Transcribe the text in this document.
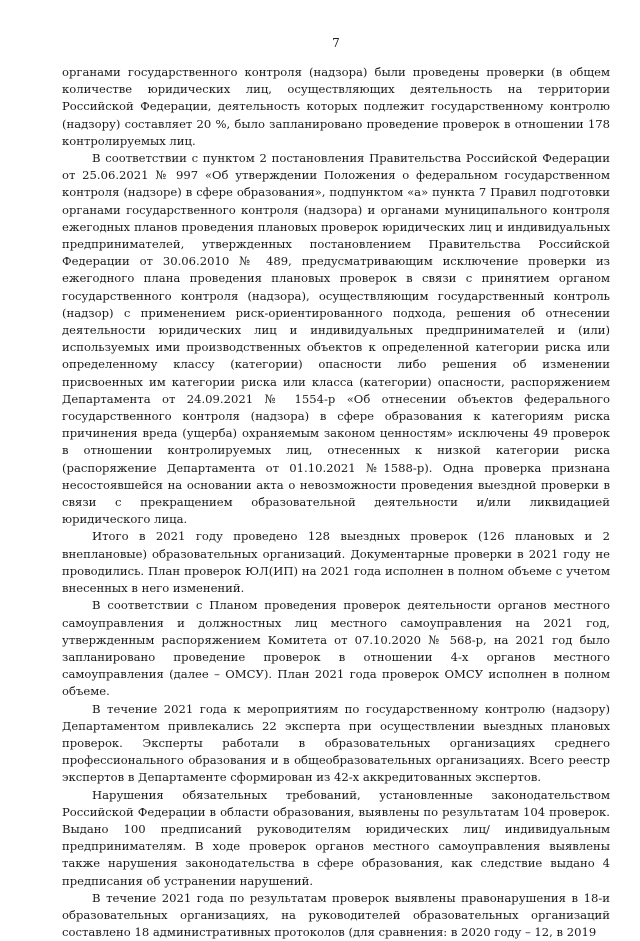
7

органами государственного контроля (надзора) были проведены проверки (в общем количестве юридических лиц, осуществляющих деятельность на территории Российской Федерации, деятельность которых подлежит государственному контролю (надзору) составляет 20 %, было запланировано проведение проверок в отношении 178 контролируемых лиц.

В соответствии с пунктом 2 постановления Правительства Российской Федерации от 25.06.2021 № 997 «Об утверждении Положения о федеральном государственном контроля (надзоре) в сфере образования», подпунктом «а» пункта 7 Правил подготовки органами государственного контроля (надзора) и органами муниципального контроля ежегодных планов проведения плановых проверок юридических лиц и индивидуальных предпринимателей, утвержденных постановлением Правительства Российской Федерации от 30.06.2010 № 489, предусматривающим исключение проверки из ежегодного плана проведения плановых проверок в связи с принятием органом государственного контроля (надзора), осуществляющим государственный контроль (надзор) с применением риск-ориентированного подхода, решения об отнесении деятельности юридических лиц и индивидуальных предпринимателей и (или) используемых ими производственных объектов к определенной категории риска или определенному классу (категории) опасности либо решения об изменении присвоенных им категории риска или класса (категории) опасности, распоряжением Департамента от 24.09.2021 № 1554-р «Об отнесении объектов федерального государственного контроля (надзора) в сфере образования к категориям риска причинения вреда (ущерба) охраняемым законом ценностям» исключены 49 проверок в отношении контролируемых лиц, отнесенных к низкой категории риска (распоряжение Департамента от 01.10.2021 №1588-р). Одна проверка признана несостоявшейся на основании акта о невозможности проведения выездной проверки в связи с прекращением образовательной деятельности и/или ликвидацией юридического лица.

Итого в 2021 году проведено 128 выездных проверок (126 плановых и 2 внеплановые) образовательных организаций. Документарные проверки в 2021 году не проводились. План проверок ЮЛ(ИП) на 2021 года исполнен в полном объеме с учетом внесенных в него изменений.

В соответствии с Планом проведения проверок деятельности органов местного самоуправления и должностных лиц местного самоуправления на 2021 год, утвержденным распоряжением Комитета от 07.10.2020 № 568-р, на 2021 год было запланировано проведение проверок в отношении 4-х органов местного самоуправления (далее – ОМСУ). План 2021 года проверок ОМСУ исполнен в полном объеме.

В течение 2021 года к мероприятиям по государственному контролю (надзору) Департаментом привлекались 22 эксперта при осуществлении выездных плановых проверок. Эксперты работали в образовательных организациях среднего профессионального образования и в общеобразовательных организациях. Всего реестр экспертов в Департаменте сформирован из 42-х аккредитованных экспертов.

Нарушения обязательных требований, установленные законодательством Российской Федерации в области образования, выявлены по результатам 104 проверок. Выдано 100 предписаний руководителям юридических лиц/ индивидуальным предпринимателям. В ходе проверок органов местного самоуправления выявлены также нарушения законодательства в сфере образования, как следствие выдано 4 предписания об устранении нарушений.

В течение 2021 года по результатам проверок выявлены правонарушения в 18-и образовательных организациях, на руководителей образовательных организаций составлено 18 административных протоколов (для сравнения: в 2020 году – 12, в 2019
